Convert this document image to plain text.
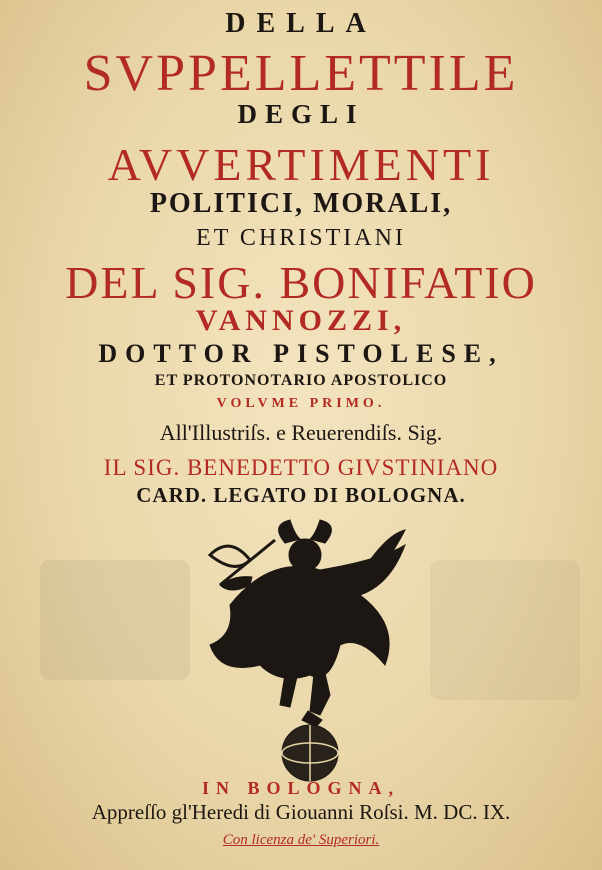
DELLA
SVPPELLETTILE
DEGLI
AVVERTIMENTI
POLITICI, MORALI,
ET CHRISTIANI
DEL SIG. BONIFATIO
VANNOZZI,
DOTTOR PISTOLESE,
ET PROTONOTARIO APOSTOLICO
VOLVME PRIMO.
All'Illustriſs. e Reuerendiſs. Sig.
IL SIG. BENEDETTO GIVSTINIANO
CARD. LEGATO DI BOLOGNA.
IN BOLOGNA,
Appreſſo gl'Heredi di Giouanni Roſsi. M. DC. IX.
Con licenza de' Superiori.
